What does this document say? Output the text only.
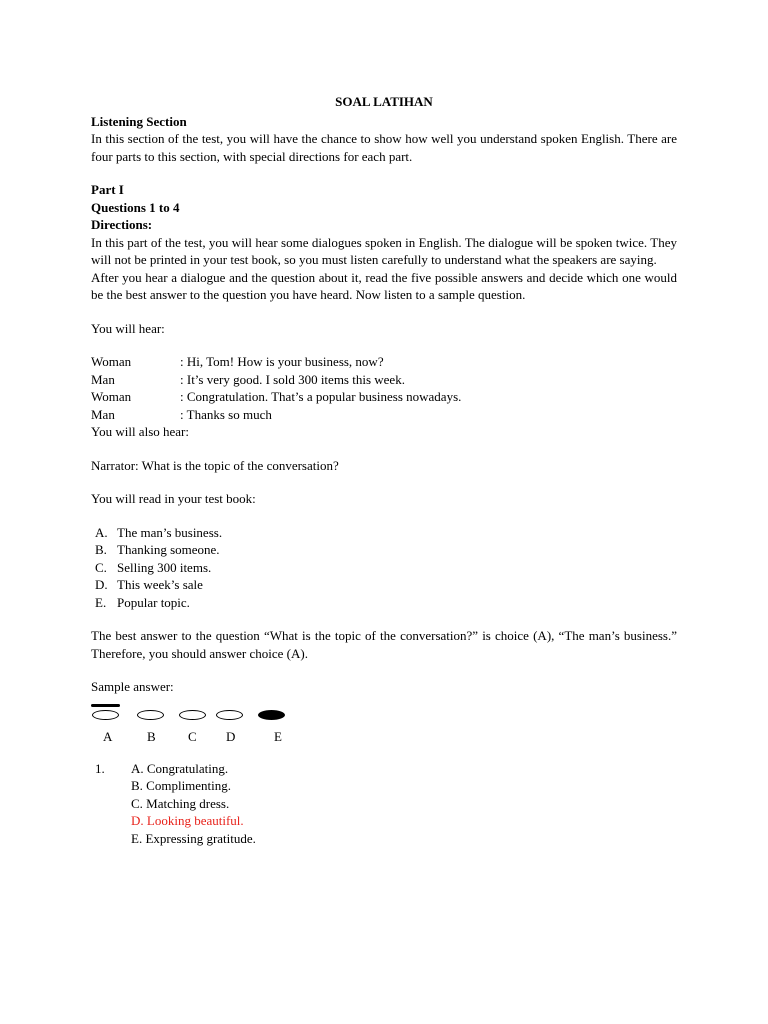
SOAL LATIHAN
Listening Section
In this section of the test, you will have the chance to show how well you understand spoken English. There are four parts to this section, with special directions for each part.
Part I
Questions 1 to 4
Directions:
In this part of the test, you will hear some dialogues spoken in English. The dialogue will be spoken twice. They will not be printed in your test book, so you must listen carefully to understand what the speakers are saying.
After you hear a dialogue and the question about it, read the five possible answers and decide which one would be the best answer to the question you have heard. Now listen to a sample question.
You will hear:
Woman	: Hi, Tom! How is your business, now?
Man	: It’s very good. I sold 300 items this week.
Woman	: Congratulation. That’s a popular business nowadays.
Man	: Thanks so much
You will also hear:
Narrator: What is the topic of the conversation?
You will read in your test book:
A. The man’s business.
B. Thanking someone.
C. Selling 300 items.
D. This week’s sale
E. Popular topic.
The best answer to the question “What is the topic of the conversation?” is choice (A), “The man’s business.” Therefore, you should answer choice (A).
Sample answer:
A	B C D	E
1.	A. Congratulating.
B. Complimenting.
C. Matching dress.
D. Looking beautiful.
E. Expressing gratitude.
